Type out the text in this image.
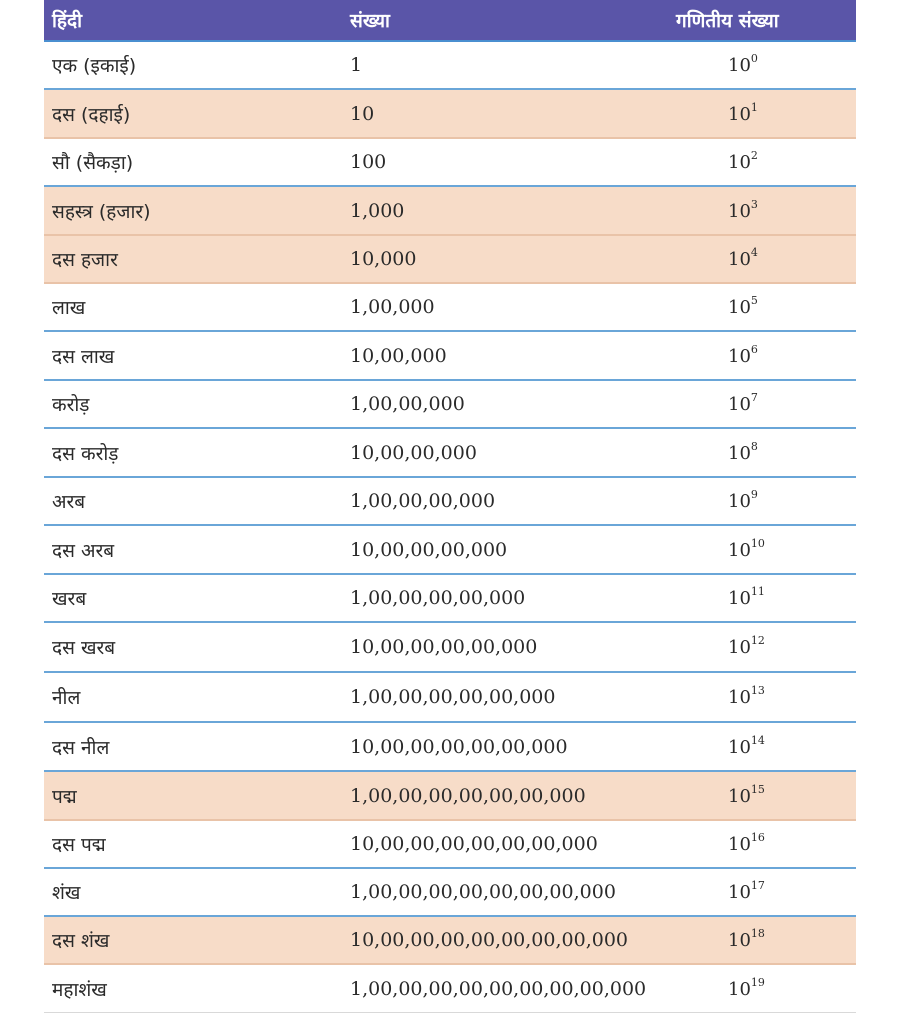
हिंदी	संख्या	गणितीय संख्या
एक (इकाई)	1	$10^0$
दस (दहाई)	10	$10^1$
सौ (सैकड़ा)	100	$10^2$
सहस्त्र (हजार)	1,000	$10^3$
दस हजार	10,000	$10^4$
लाख	1,00,000	$10^5$
दस लाख	10,00,000	$10^6$
करोड़	1,00,00,000	$10^7$
दस करोड़	10,00,00,000	$10^8$
अरब	1,00,00,00,000	$10^9$
दस अरब	10,00,00,00,000	$10^{10}$
खरब	1,00,00,00,00,000	$10^{11}$
दस खरब	10,00,00,00,00,000	$10^{12}$
नील	1,00,00,00,00,00,000	$10^{13}$
दस नील	10,00,00,00,00,00,000	$10^{14}$
पद्म	1,00,00,00,00,00,00,000	$10^{15}$
दस पद्म	10,00,00,00,00,00,00,000	$10^{16}$
शंख	1,00,00,00,00,00,00,00,000	$10^{17}$
दस शंख	10,00,00,00,00,00,00,00,000	$10^{18}$
महाशंख	1,00,00,00,00,00,00,00,00,000	$10^{19}$
